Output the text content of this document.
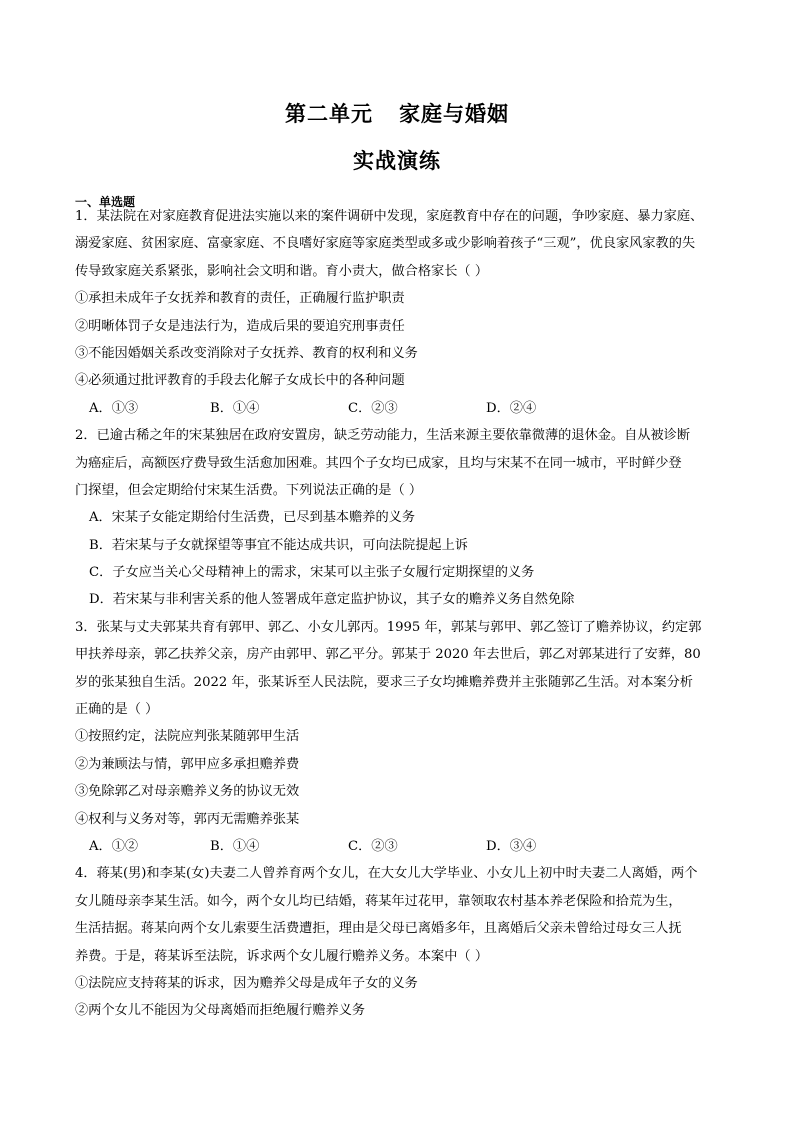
第二单元 家庭与婚姻
实战演练
一、单选题
1．某法院在对家庭教育促进法实施以来的案件调研中发现，家庭教育中存在的问题，争吵家庭、暴力家庭、
溺爱家庭、贫困家庭、富豪家庭、不良嗜好家庭等家庭类型或多或少影响着孩子“三观”，优良家风家教的失
传导致家庭关系紧张，影响社会文明和谐。育小责大，做合格家长（ ）
①承担未成年子女抚养和教育的责任，正确履行监护职责
②明晰体罚子女是违法行为，造成后果的要追究刑事责任
③不能因婚姻关系改变消除对子女抚养、教育的权利和义务
④必须通过批评教育的手段去化解子女成长中的各种问题
A．①③	B．①④	C．②③	D．②④
2．已逾古稀之年的宋某独居在政府安置房，缺乏劳动能力，生活来源主要依靠微薄的退休金。自从被诊断
为癌症后，高额医疗费导致生活愈加困难。其四个子女均已成家，且均与宋某不在同一城市，平时鲜少登
门探望，但会定期给付宋某生活费。下列说法正确的是（ ）
A．宋某子女能定期给付生活费，已尽到基本赡养的义务
B．若宋某与子女就探望等事宜不能达成共识，可向法院提起上诉
C．子女应当关心父母精神上的需求，宋某可以主张子女履行定期探望的义务
D．若宋某与非利害关系的他人签署成年意定监护协议，其子女的赡养义务自然免除
3．张某与丈夫郭某共育有郭甲、郭乙、小女儿郭丙。1995 年，郭某与郭甲、郭乙签订了赡养协议，约定郭
甲扶养母亲，郭乙扶养父亲，房产由郭甲、郭乙平分。郭某于 2020 年去世后，郭乙对郭某进行了安葬，80
岁的张某独自生活。2022 年，张某诉至人民法院，要求三子女均摊赡养费并主张随郭乙生活。对本案分析
正确的是（ ）
①按照约定，法院应判张某随郭甲生活
②为兼顾法与情，郭甲应多承担赡养费
③免除郭乙对母亲赡养义务的协议无效
④权利与义务对等，郭丙无需赡养张某
A．①②	B．①④	C．②③	D．③④
4．蒋某(男)和李某(女)夫妻二人曾养育两个女儿，在大女儿大学毕业、小女儿上初中时夫妻二人离婚，两个
女儿随母亲李某生活。如今，两个女儿均已结婚，蒋某年过花甲，靠领取农村基本养老保险和拾荒为生，
生活拮据。蒋某向两个女儿索要生活费遭拒，理由是父母已离婚多年，且离婚后父亲未曾给过母女三人抚
养费。于是，蒋某诉至法院，诉求两个女儿履行赡养义务。本案中（ ）
①法院应支持蒋某的诉求，因为赡养父母是成年子女的义务
②两个女儿不能因为父母离婚而拒绝履行赡养义务
